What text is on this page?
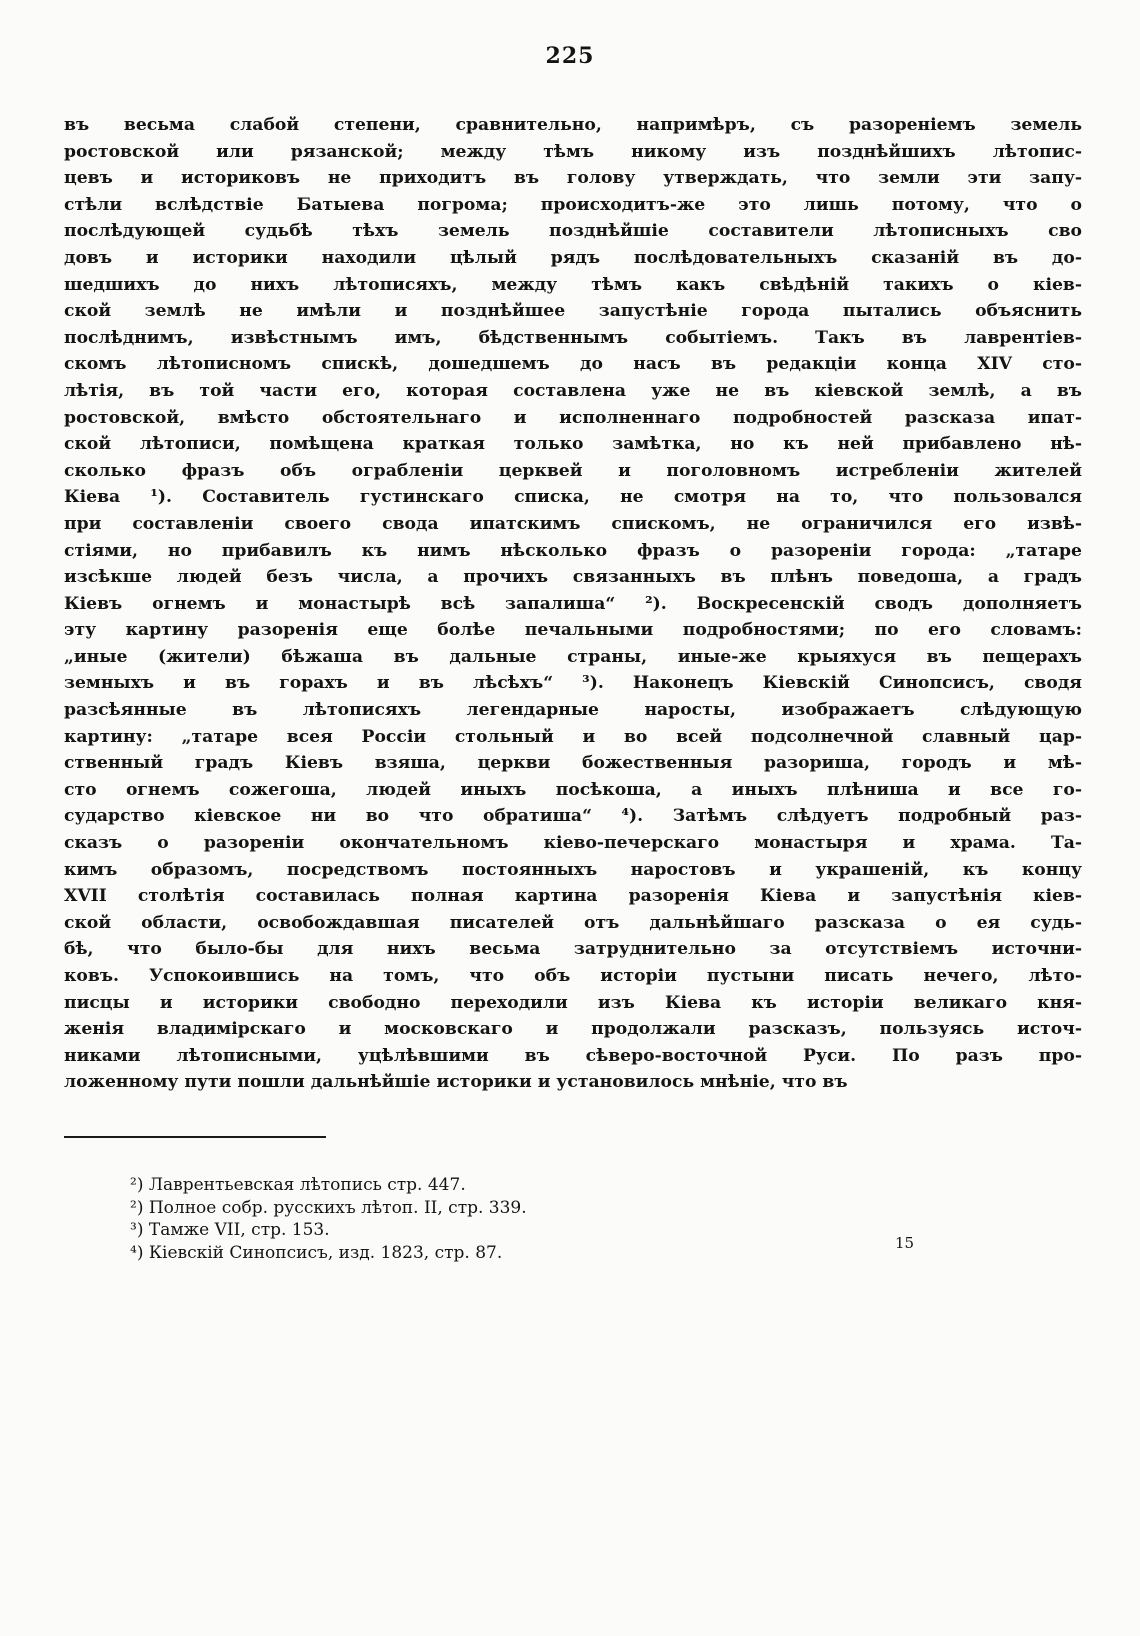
225
въ весьма слабой степени, сравнительно, напримѣръ, съ разореніемъ земель
ростовской или рязанской; между тѣмъ никому изъ позднѣйшихъ лѣтопис-
цевъ и историковъ не приходитъ въ голову утверждать, что земли эти запу-
стѣли вслѣдствіе Батыева погрома; происходитъ-же это лишь потому, что о
послѣдующей судьбѣ тѣхъ земель позднѣйшіе составители лѣтописныхъ сво
довъ и историки находили цѣлый рядъ послѣдовательныхъ сказаній въ до-
шедшихъ до нихъ лѣтописяхъ, между тѣмъ какъ свѣдѣній такихъ о кіев-
ской землѣ не имѣли и позднѣйшее запустѣніе города пытались объяснить
послѣднимъ, извѣстнымъ имъ, бѣдственнымъ событіемъ. Такъ въ лаврентіев-
скомъ лѣтописномъ спискѣ, дошедшемъ до насъ въ редакціи конца XIV сто-
лѣтія, въ той части его, которая составлена уже не въ кіевской землѣ, а въ
ростовской, вмѣсто обстоятельнаго и исполненнаго подробностей разсказа ипат-
ской лѣтописи, помѣщена краткая только замѣтка, но къ ней прибавлено нѣ-
сколько фразъ объ ограбленіи церквей и поголовномъ истребленіи жителей
Кіева ¹). Составитель густинскаго списка, не смотря на то, что пользовался
при составленіи своего свода ипатскимъ спискомъ, не ограничился его извѣ-
стіями, но прибавилъ къ нимъ нѣсколько фразъ о разореніи города: „татаре
изсѣкше людей безъ числа, а прочихъ связанныхъ въ плѣнъ поведоша, а градъ
Кіевъ огнемъ и монастырѣ всѣ запалиша“ ²). Воскресенскій сводъ дополняетъ
эту картину разоренія еще болѣе печальными подробностями; по его словамъ:
„иные (жители) бѣжаша въ дальные страны, иные-же крыяхуся въ пещерахъ
земныхъ и въ горахъ и въ лѣсѣхъ“ ³). Наконецъ Кіевскій Синопсисъ, сводя
разсѣянные въ лѣтописяхъ легендарные наросты, изображаетъ слѣдующую
картину: „татаре всея Россіи стольный и во всей подсолнечной славный цар-
ственный градъ Кіевъ взяша, церкви божественныя разориша, городъ и мѣ-
сто огнемъ сожегоша, людей иныхъ посѣкоша, а иныхъ плѣниша и все го-
сударство кіевское ни во что обратиша“ ⁴). Затѣмъ слѣдуетъ подробный раз-
сказъ о разореніи окончательномъ кіево-печерскаго монастыря и храма. Та-
кимъ образомъ, посредствомъ постоянныхъ наростовъ и украшеній, къ концу
XVII столѣтія составилась полная картина разоренія Кіева и запустѣнія кіев-
ской области, освобождавшая писателей отъ дальнѣйшаго разсказа о ея судь-
бѣ, что было-бы для нихъ весьма затруднительно за отсутствіемъ источни-
ковъ. Успокоившись на томъ, что объ исторіи пустыни писать нечего, лѣто-
писцы и историки свободно переходили изъ Кіева къ исторіи великаго кня-
женія владимірскаго и московскаго и продолжали разсказъ, пользуясь источ-
никами лѣтописными, уцѣлѣвшими въ сѣверо-восточной Руси. По разъ про-
ложенному пути пошли дальнѣйшіе историки и установилось мнѣніе, что въ
²) Лаврентьевская лѣтопись стр. 447.
²) Полное собр. русскихъ лѣтоп. II, стр. 339.
³) Тамже VII, стр. 153.
⁴) Кіевскій Синопсисъ, изд. 1823, стр. 87.	15
